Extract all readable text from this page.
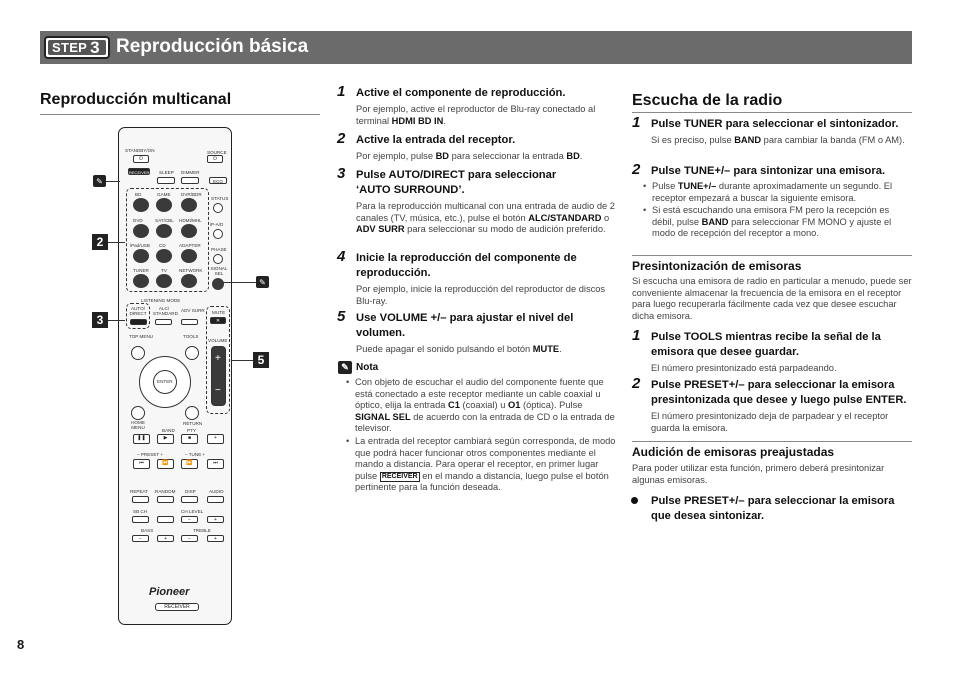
STEP 3 Reproducción básica
Reproducción multicanal
STANDBY/ON	SOURCE
⏻	⏻
SLEEP DIMMER
RECEIVER
ECO
BD	GAME DVR/BDR
STATUS
DVD	SAT/CBL HDMI/MHL
iP-A/D
iPad/USB CD	ADAPTER
PHASE
TUNER	TV	NETWORK	SIGNAL SEL
LISTENING MODE
AUTO/ DIRECT
ALC/ STANDARD
ADV SURR MUTE
✕
VOLUME
+
−
TOP MENU	TOOLS
ENTER
HOME MENU
RETURN
BAND	PTY
❚❚	▶	■	+
– PRESET +	– TUNE +
⏮	⏪	⏩	⏭
REPEAT RANDOM DISP	AUDIO
SB CH	CH LEVEL
−	+
BASS	TREBLE
−	+	−	+
Pioneer
RECEIVER
✎
✎
2
3
5
1 Active el componente de reproducción.
Por ejemplo, active el reproductor de Blu-ray conectado al terminal HDMI BD IN.
2 Active la entrada del receptor.
Por ejemplo, pulse BD para seleccionar la entrada BD.
3 Pulse AUTO/DIRECT para seleccionar ‘AUTO SURROUND’.
Para la reproducción multicanal con una entrada de audio de 2 canales (TV, música, etc.), pulse el botón ALC/STANDARD o ADV SURR para seleccionar su modo de audición preferido.
4 Inicie la reproducción del componente de reproducción.
Por ejemplo, inicie la reproducción del reproductor de discos Blu-ray.
5 Use VOLUME +/– para ajustar el nivel del volumen.
Puede apagar el sonido pulsando el botón MUTE.
✎ Nota
• Con objeto de escuchar el audio del componente fuente que está conectado a este receptor mediante un cable coaxial u óptico, elija la entrada C1 (coaxial) u O1 (óptica). Pulse SIGNAL SEL de acuerdo con la entrada de CD o la entrada de televisor.
• La entrada del receptor cambiará según corresponda, de modo que podrá hacer funcionar otros componentes mediante el mando a distancia. Para operar el receptor, en primer lugar pulse RECEIVER en el mando a distancia, luego pulse el botón pertinente para la función deseada.
Escucha de la radio
1 Pulse TUNER para seleccionar el sintonizador.
Si es preciso, pulse BAND para cambiar la banda (FM o AM).
2 Pulse TUNE+/– para sintonizar una emisora.
• Pulse TUNE+/– durante aproximadamente un segundo. El receptor empezará a buscar la siguiente emisora.
• Si está escuchando una emisora FM pero la recepción es débil, pulse BAND para seleccionar FM MONO y ajuste el modo de recepción del receptor a mono.
Presintonización de emisoras
Si escucha una emisora de radio en particular a menudo, puede ser conveniente almacenar la frecuencia de la emisora en el receptor para luego recuperarla fácilmente cada vez que desee escuchar dicha emisora.
1 Pulse TOOLS mientras recibe la señal de la emisora que desee guardar.
El número presintonizado está parpadeando.
2 Pulse PRESET+/– para seleccionar la emisora presintonizada que desee y luego pulse ENTER.
El número presintonizado deja de parpadear y el receptor guarda la emisora.
Audición de emisoras preajustadas
Para poder utilizar esta función, primero deberá presintonizar algunas emisoras.
Pulse PRESET+/– para seleccionar la emisora que desea sintonizar.
8
